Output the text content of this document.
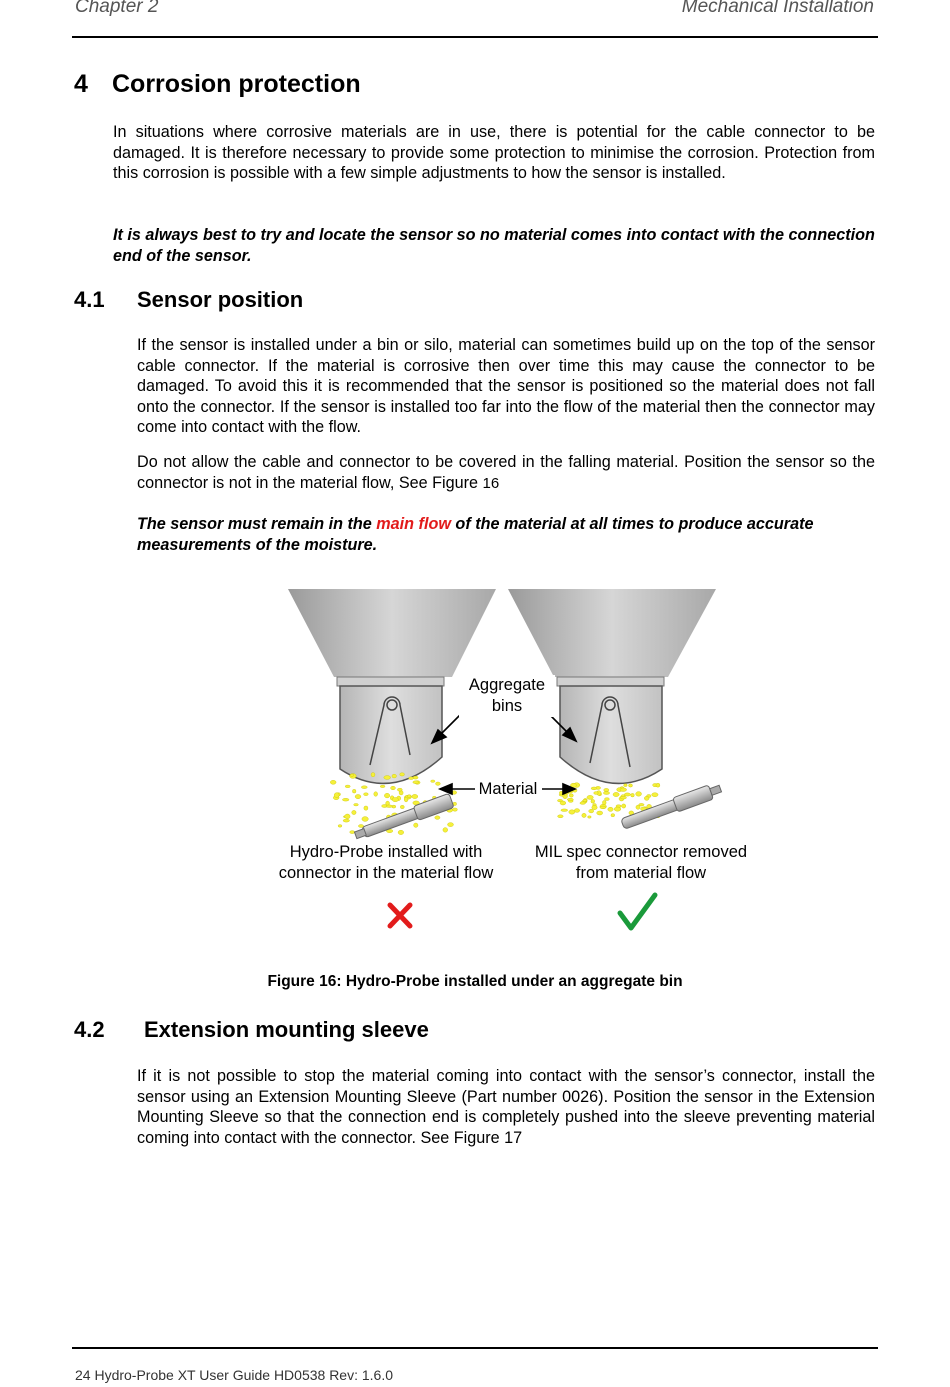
Chapter 2	Mechanical Installation
4 Corrosion protection

In situations where corrosive materials are in use, there is potential for the cable connector to be damaged. It is therefore necessary to provide some protection to minimise the corrosion. Protection from this corrosion is possible with a few simple adjustments to how the sensor is installed.

It is always best to try and locate the sensor so no material comes into contact with the connection end of the sensor.

4.1 Sensor position

If the sensor is installed under a bin or silo, material can sometimes build up on the top of the sensor cable connector. If the material is corrosive then over time this may cause the connector to be damaged. To avoid this it is recommended that the sensor is positioned so the material does not fall onto the connector. If the sensor is installed too far into the flow of the material then the connector may come into contact with the flow.

Do not allow the cable and connector to be covered in the falling material. Position the sensor so the connector is not in the material flow, See Figure 16

The sensor must remain in the main flow of the material at all times to produce accurate measurements of the moisture.

Aggregate bins
Material
Hydro-Probe installed with connector in the material flow
MIL spec connector removed from material flow
Figure 16: Hydro-Probe installed under an aggregate bin
4.2 Extension mounting sleeve

If it is not possible to stop the material coming into contact with the sensor’s connector, install the sensor using an Extension Mounting Sleeve (Part number 0026). Position the sensor in the Extension Mounting Sleeve so that the connection end is completely pushed into the sleeve preventing material coming into contact with the connector. See Figure 17

24 Hydro-Probe XT User Guide HD0538 Rev: 1.6.0
